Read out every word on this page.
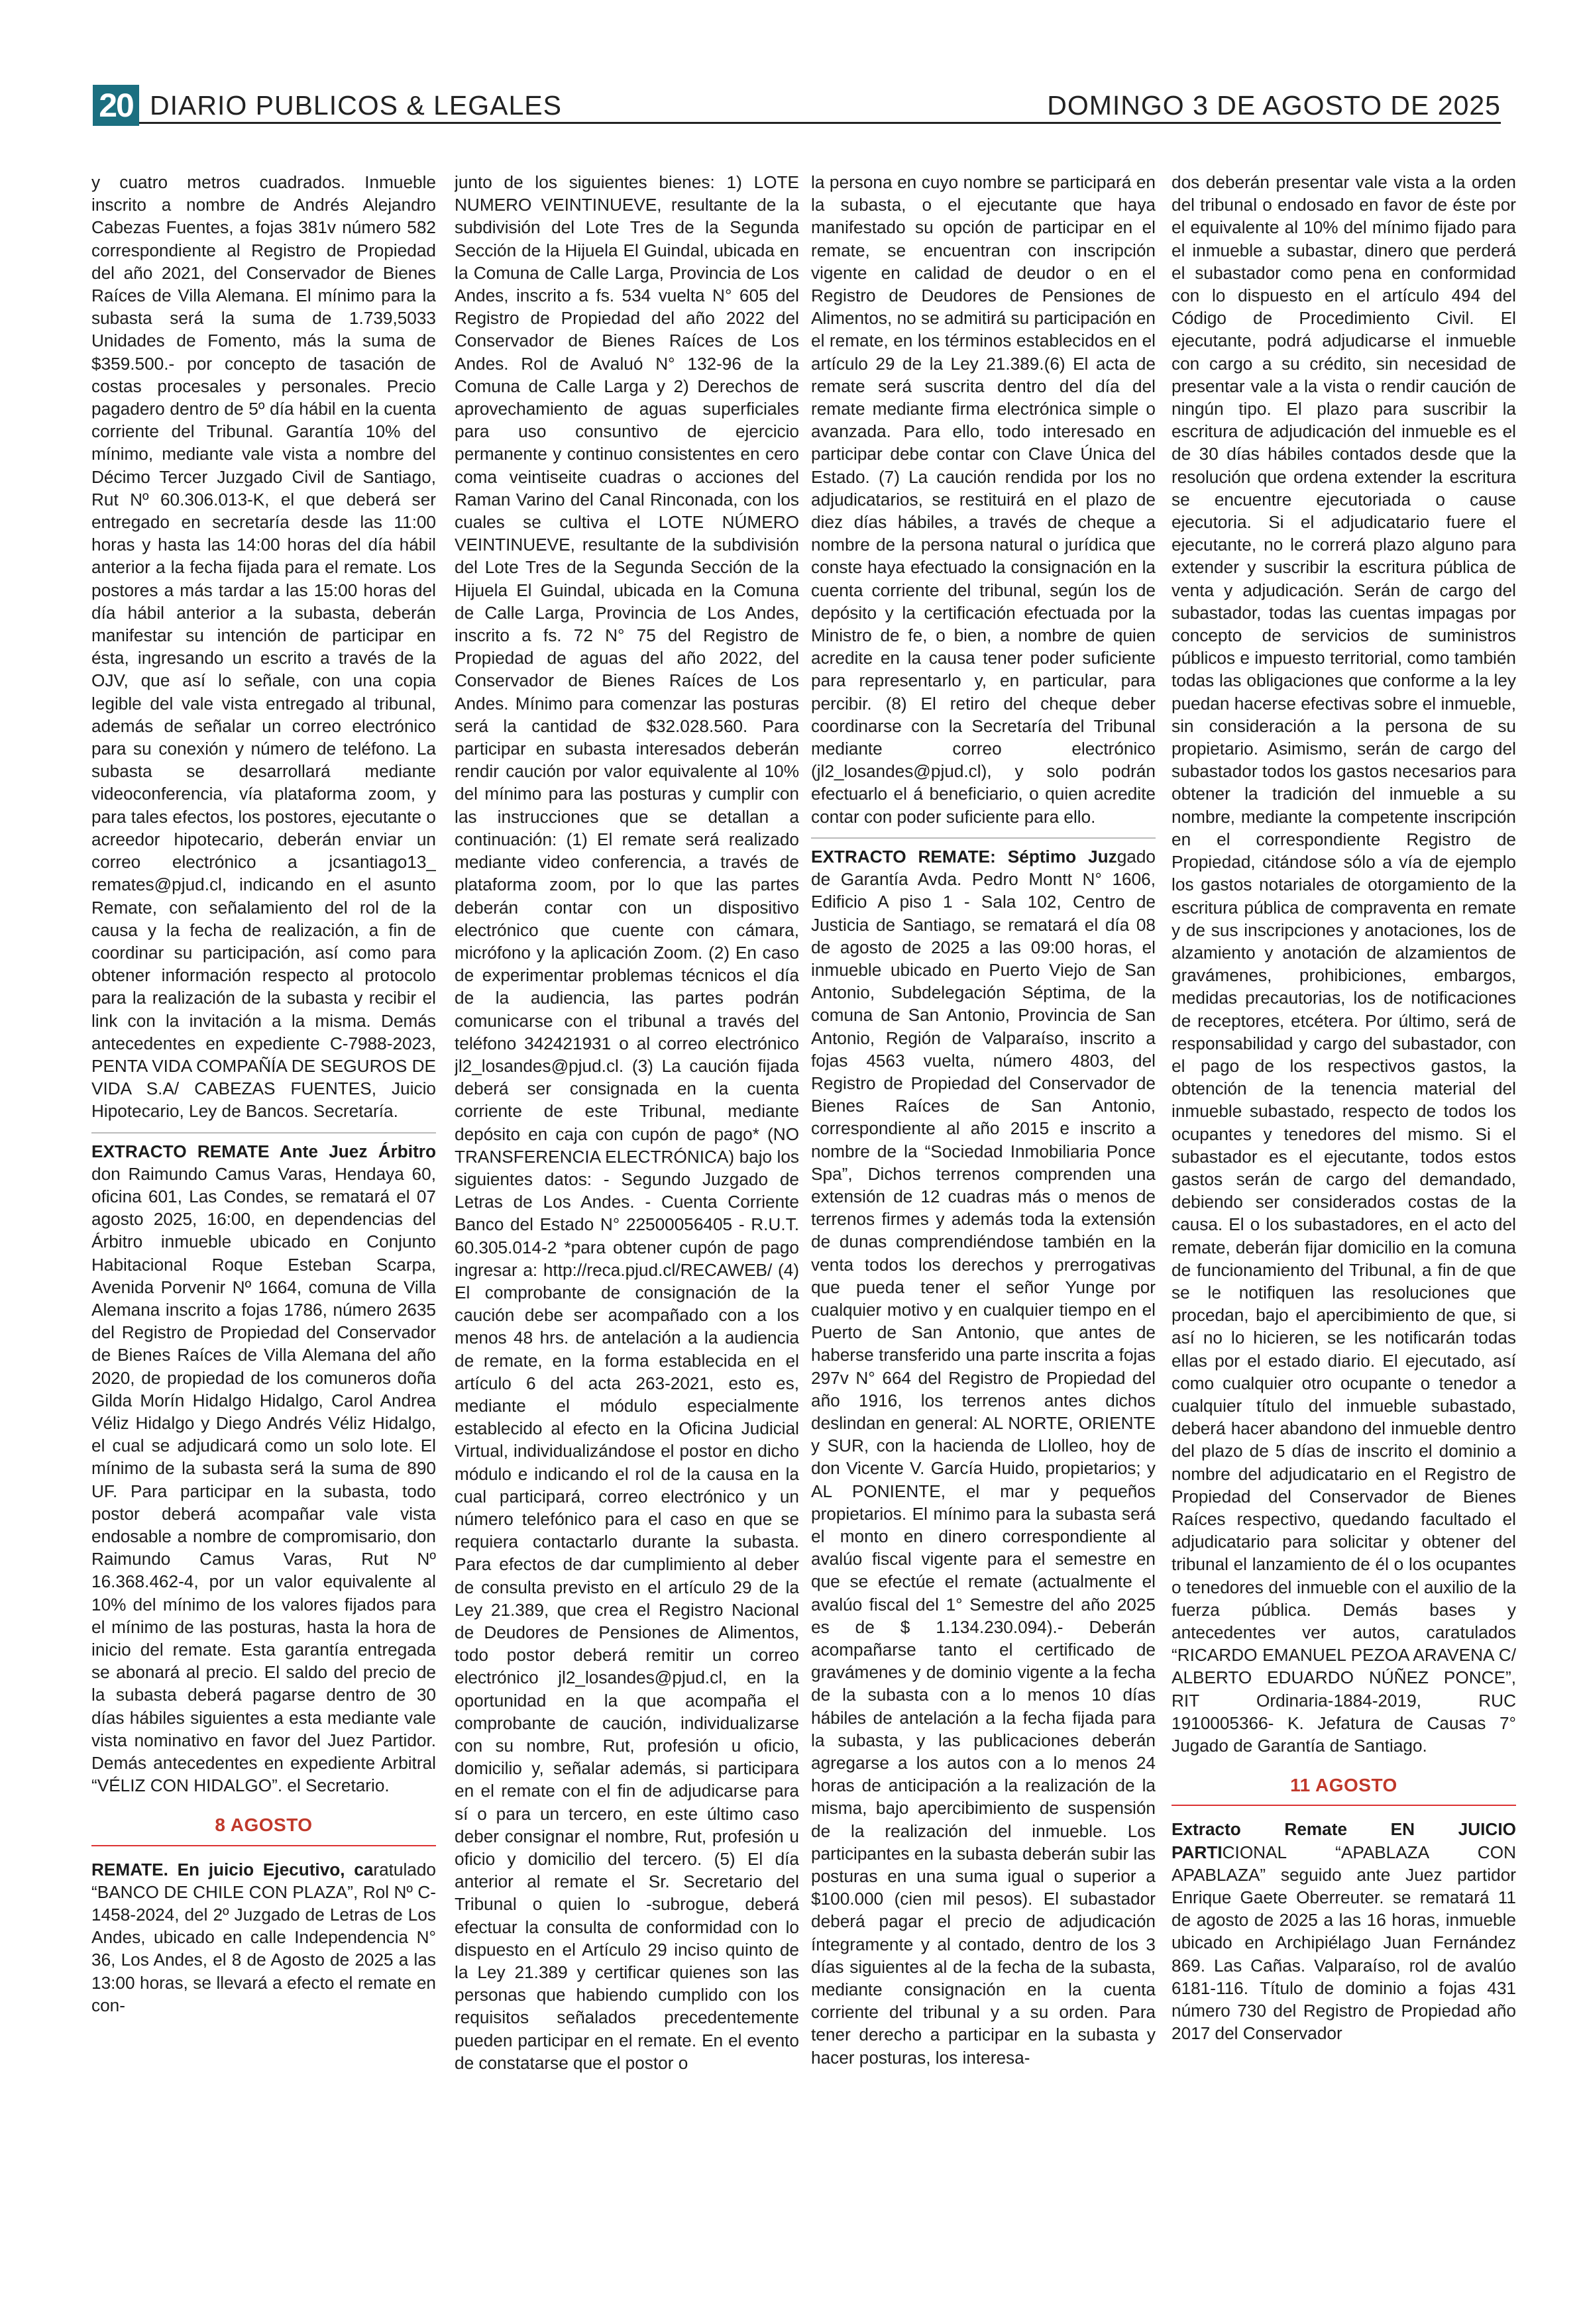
20 DIARIO PUBLICOS & LEGALES	DOMINGO 3 DE AGOSTO DE 2025

y cuatro metros cuadrados. Inmueble inscrito a nombre de Andrés Alejandro Cabezas Fuentes, a fojas 381v número 582 correspondiente al Registro de Propiedad del año 2021, del Conservador de Bienes Raíces de Villa Alemana. El mínimo para la subasta será la suma de 1.739,5033 Unidades de Fomento, más la suma de $359.500.- por concepto de tasación de costas procesales y personales. Precio pagadero dentro de 5º día hábil en la cuenta corriente del Tribunal. Garantía 10% del mínimo, mediante vale vista a nombre del Décimo Tercer Juzgado Civil de Santiago, Rut Nº 60.306.013-K, el que deberá ser entregado en secretaría desde las 11:00 horas y hasta las 14:00 horas del día hábil anterior a la fecha fijada para el remate. Los postores a más tardar a las 15:00 horas del día hábil anterior a la subasta, deberán manifestar su intención de participar en ésta, ingresando un escrito a través de la OJV, que así lo señale, con una copia legible del vale vista entregado al tribunal, además de señalar un correo electrónico para su conexión y número de teléfono. La subasta se desarrollará mediante videoconferencia, vía plataforma zoom, y para tales efectos, los postores, ejecutante o acreedor hipotecario, deberán enviar un correo electrónico a jcsantiago13_ remates@pjud.cl, indicando en el asunto Remate, con señalamiento del rol de la causa y la fecha de realización, a fin de coordinar su participación, así como para obtener información respecto al protocolo para la realización de la subasta y recibir el link con la invitación a la misma. Demás antecedentes en expediente C-7988-2023, PENTA VIDA COMPAÑÍA DE SEGUROS DE VIDA S.A/ CABEZAS FUENTES, Juicio Hipotecario, Ley de Bancos. Secretaría.

EXTRACTO REMATE Ante Juez Árbitro don Raimundo Camus Varas, Hendaya 60, oficina 601, Las Condes, se rematará el 07 agosto 2025, 16:00, en dependencias del Árbitro inmueble ubicado en Conjunto Habitacional Roque Esteban Scarpa, Avenida Porvenir Nº 1664, comuna de Villa Alemana inscrito a fojas 1786, número 2635 del Registro de Propiedad del Conservador de Bienes Raíces de Villa Alemana del año 2020, de propiedad de los comuneros doña Gilda Morín Hidalgo Hidalgo, Carol Andrea Véliz Hidalgo y Diego Andrés Véliz Hidalgo, el cual se adjudicará como un solo lote. El mínimo de la subasta será la suma de 890 UF. Para participar en la subasta, todo postor deberá acompañar vale vista endosable a nombre de compromisario, don Raimundo Camus Varas, Rut Nº 16.368.462-4, por un valor equivalente al 10% del mínimo de los valores fijados para el mínimo de las posturas, hasta la hora de inicio del remate. Esta garantía entregada se abonará al precio. El saldo del precio de la subasta deberá pagarse dentro de 30 días hábiles siguientes a esta mediante vale vista nominativo en favor del Juez Partidor. Demás antecedentes en expediente Arbitral “VÉLIZ CON HIDALGO”. el Secretario.

8 AGOSTO

REMATE. En juicio Ejecutivo, caratulado “BANCO DE CHILE CON PLAZA”, Rol Nº C-1458-2024, del 2º Juzgado de Letras de Los Andes, ubicado en calle Independencia N° 36, Los Andes, el 8 de Agosto de 2025 a las 13:00 horas, se llevará a efecto el remate en con-

junto de los siguientes bienes: 1) LOTE NUMERO VEINTINUEVE, resultante de la subdivisión del Lote Tres de la Segunda Sección de la Hijuela El Guindal, ubicada en la Comuna de Calle Larga, Provincia de Los Andes, inscrito a fs. 534 vuelta N° 605 del Registro de Propiedad del año 2022 del Conservador de Bienes Raíces de Los Andes. Rol de Avaluó N° 132-96 de la Comuna de Calle Larga y 2) Derechos de aprovechamiento de aguas superficiales para uso consuntivo de ejercicio permanente y continuo consistentes en cero coma veintiseite cuadras o acciones del Raman Varino del Canal Rinconada, con los cuales se cultiva el LOTE NÚMERO VEINTINUEVE, resultante de la subdivisión del Lote Tres de la Segunda Sección de la Hijuela El Guindal, ubicada en la Comuna de Calle Larga, Provincia de Los Andes, inscrito a fs. 72 N° 75 del Registro de Propiedad de aguas del año 2022, del Conservador de Bienes Raíces de Los Andes. Mínimo para comenzar las posturas será la cantidad de $32.028.560. Para participar en subasta interesados deberán rendir caución por valor equivalente al 10% del mínimo para las posturas y cumplir con las instrucciones que se detallan a continuación: (1) El remate será realizado mediante video conferencia, a través de plataforma zoom, por lo que las partes deberán contar con un dispositivo electrónico que cuente con cámara, micrófono y la aplicación Zoom. (2) En caso de experimentar problemas técnicos el día de la audiencia, las partes podrán comunicarse con el tribunal a través del teléfono 342421931 o al correo electrónico jl2_losandes@pjud.cl. (3) La caución fijada deberá ser consignada en la cuenta corriente de este Tribunal, mediante depósito en caja con cupón de pago* (NO TRANSFERENCIA ELECTRÓNICA) bajo los siguientes datos: - Segundo Juzgado de Letras de Los Andes. - Cuenta Corriente Banco del Estado N° 22500056405 - R.U.T. 60.305.014-2 *para obtener cupón de pago ingresar a: http://reca.pjud.cl/RECAWEB/ (4) El comprobante de consignación de la caución debe ser acompañado con a los menos 48 hrs. de antelación a la audiencia de remate, en la forma establecida en el artículo 6 del acta 263-2021, esto es, mediante el módulo especialmente establecido al efecto en la Oficina Judicial Virtual, individualizándose el postor en dicho módulo e indicando el rol de la causa en la cual participará, correo electrónico y un número telefónico para el caso en que se requiera contactarlo durante la subasta. Para efectos de dar cumplimiento al deber de consulta previsto en el artículo 29 de la Ley 21.389, que crea el Registro Nacional de Deudores de Pensiones de Alimentos, todo postor deberá remitir un correo electrónico jl2_losandes@pjud.cl, en la oportunidad en la que acompaña el comprobante de caución, individualizarse con su nombre, Rut, profesión u oficio, domicilio y, señalar además, si participara en el remate con el fin de adjudicarse para sí o para un tercero, en este último caso deber consignar el nombre, Rut, profesión u oficio y domicilio del tercero. (5) El día anterior al remate el Sr. Secretario del Tribunal o quien lo -subrogue, deberá efectuar la consulta de conformidad con lo dispuesto en el Artículo 29 inciso quinto de la Ley 21.389 y certificar quienes son las personas que habiendo cumplido con los requisitos señalados precedentemente pueden participar en el remate. En el evento de constatarse que el postor o

la persona en cuyo nombre se participará en la subasta, o el ejecutante que haya manifestado su opción de participar en el remate, se encuentran con inscripción vigente en calidad de deudor o en el Registro de Deudores de Pensiones de Alimentos, no se admitirá su participación en el remate, en los términos establecidos en el artículo 29 de la Ley 21.389.(6) El acta de remate será suscrita dentro del día del remate mediante firma electrónica simple o avanzada. Para ello, todo interesado en participar debe contar con Clave Única del Estado. (7) La caución rendida por los no adjudicatarios, se restituirá en el plazo de diez días hábiles, a través de cheque a nombre de la persona natural o jurídica que conste haya efectuado la consignación en la cuenta corriente del tribunal, según los de depósito y la certificación efectuada por la Ministro de fe, o bien, a nombre de quien acredite en la causa tener poder suficiente para representarlo y, en particular, para percibir. (8) El retiro del cheque deber coordinarse con la Secretaría del Tribunal mediante correo electrónico (jl2_losandes@pjud.cl), y solo podrán efectuarlo el á beneficiario, o quien acredite contar con poder suficiente para ello.

EXTRACTO REMATE: Séptimo Juzgado de Garantía Avda. Pedro Montt N° 1606, Edificio A piso 1 - Sala 102, Centro de Justicia de Santiago, se rematará el día 08 de agosto de 2025 a las 09:00 horas, el inmueble ubicado en Puerto Viejo de San Antonio, Subdelegación Séptima, de la comuna de San Antonio, Provincia de San Antonio, Región de Valparaíso, inscrito a fojas 4563 vuelta, número 4803, del Registro de Propiedad del Conservador de Bienes Raíces de San Antonio, correspondiente al año 2015 e inscrito a nombre de la “Sociedad Inmobiliaria Ponce Spa”, Dichos terrenos comprenden una extensión de 12 cuadras más o menos de terrenos firmes y además toda la extensión de dunas comprendiéndose también en la venta todos los derechos y prerrogativas que pueda tener el señor Yunge por cualquier motivo y en cualquier tiempo en el Puerto de San Antonio, que antes de haberse transferido una parte inscrita a fojas 297v N° 664 del Registro de Propiedad del año 1916, los terrenos antes dichos deslindan en general: AL NORTE, ORIENTE y SUR, con la hacienda de Llolleo, hoy de don Vicente V. García Huido, propietarios; y AL PONIENTE, el mar y pequeños propietarios. El mínimo para la subasta será el monto en dinero correspondiente al avalúo fiscal vigente para el semestre en que se efectúe el remate (actualmente el avalúo fiscal del 1° Semestre del año 2025 es de $ 1.134.230.094).- Deberán acompañarse tanto el certificado de gravámenes y de dominio vigente a la fecha de la subasta con a lo menos 10 días hábiles de antelación a la fecha fijada para la subasta, y las publicaciones deberán agregarse a los autos con a lo menos 24 horas de anticipación a la realización de la misma, bajo apercibimiento de suspensión de la realización del inmueble. Los participantes en la subasta deberán subir las posturas en una suma igual o superior a $100.000 (cien mil pesos). El subastador deberá pagar el precio de adjudicación íntegramente y al contado, dentro de los 3 días siguientes al de la fecha de la subasta, mediante consignación en la cuenta corriente del tribunal y a su orden. Para tener derecho a participar en la subasta y hacer posturas, los interesa-

dos deberán presentar vale vista a la orden del tribunal o endosado en favor de éste por el equivalente al 10% del mínimo fijado para el inmueble a subastar, dinero que perderá el subastador como pena en conformidad con lo dispuesto en el artículo 494 del Código de Procedimiento Civil. El ejecutante, podrá adjudicarse el inmueble con cargo a su crédito, sin necesidad de presentar vale a la vista o rendir caución de ningún tipo. El plazo para suscribir la escritura de adjudicación del inmueble es el de 30 días hábiles contados desde que la resolución que ordena extender la escritura se encuentre ejecutoriada o cause ejecutoria. Si el adjudicatario fuere el ejecutante, no le correrá plazo alguno para extender y suscribir la escritura pública de venta y adjudicación. Serán de cargo del subastador, todas las cuentas impagas por concepto de servicios de suministros públicos e impuesto territorial, como también todas las obligaciones que conforme a la ley puedan hacerse efectivas sobre el inmueble, sin consideración a la persona de su propietario. Asimismo, serán de cargo del subastador todos los gastos necesarios para obtener la tradición del inmueble a su nombre, mediante la competente inscripción en el correspondiente Registro de Propiedad, citándose sólo a vía de ejemplo los gastos notariales de otorgamiento de la escritura pública de compraventa en remate y de sus inscripciones y anotaciones, los de alzamiento y anotación de alzamientos de gravámenes, prohibiciones, embargos, medidas precautorias, los de notificaciones de receptores, etcétera. Por último, será de responsabilidad y cargo del subastador, con el pago de los respectivos gastos, la obtención de la tenencia material del inmueble subastado, respecto de todos los ocupantes y tenedores del mismo. Si el subastador es el ejecutante, todos estos gastos serán de cargo del demandado, debiendo ser considerados costas de la causa. El o los subastadores, en el acto del remate, deberán fijar domicilio en la comuna de funcionamiento del Tribunal, a fin de que se le notifiquen las resoluciones que procedan, bajo el apercibimiento de que, si así no lo hicieren, se les notificarán todas ellas por el estado diario. El ejecutado, así como cualquier otro ocupante o tenedor a cualquier título del inmueble subastado, deberá hacer abandono del inmueble dentro del plazo de 5 días de inscrito el dominio a nombre del adjudicatario en el Registro de Propiedad del Conservador de Bienes Raíces respectivo, quedando facultado el adjudicatario para solicitar y obtener del tribunal el lanzamiento de él o los ocupantes o tenedores del inmueble con el auxilio de la fuerza pública. Demás bases y antecedentes ver autos, caratulados “RICARDO EMANUEL PEZOA ARAVENA C/ ALBERTO EDUARDO NÚÑEZ PONCE”, RIT Ordinaria-1884-2019, RUC 1910005366- K. Jefatura de Causas 7° Jugado de Garantía de Santiago.

11 AGOSTO

Extracto Remate EN JUICIO PARTICIONAL “APABLAZA CON APABLAZA” seguido ante Juez partidor Enrique Gaete Oberreuter. se rematará 11 de agosto de 2025 a las 16 horas, inmueble ubicado en Archipiélago Juan Fernández 869. Las Cañas. Valparaíso, rol de avalúo 6181-116. Título de dominio a fojas 431 número 730 del Registro de Propiedad año 2017 del Conservador
